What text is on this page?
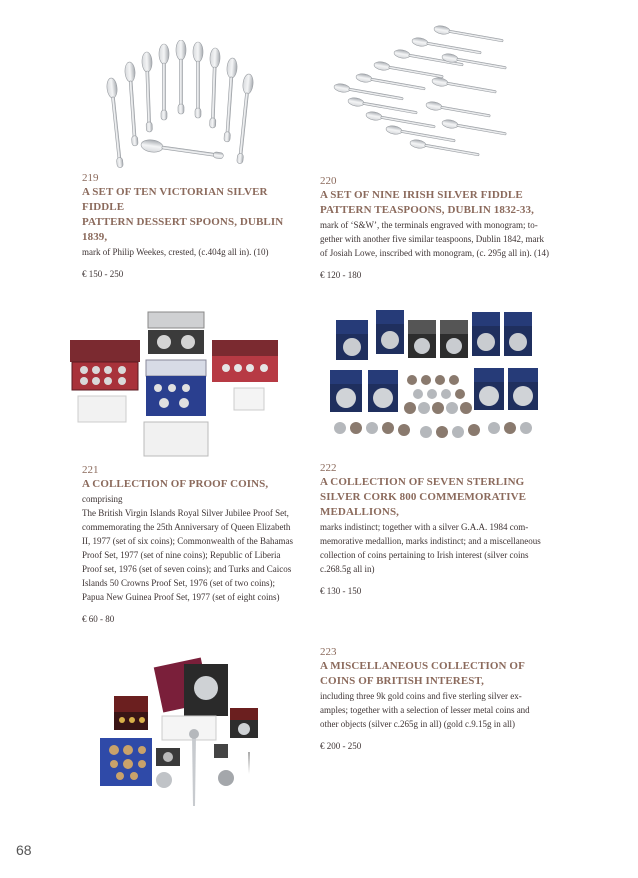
219
A SET OF TEN VICTORIAN SILVER FIDDLE
PATTERN DESSERT SPOONS, DUBLIN
1839,
mark of Philip Weekes, crested, (c.404g all in). (10)
€ 150 - 250
220
A SET OF NINE IRISH SILVER FIDDLE
PATTERN TEASPOONS, DUBLIN 1832-33,
mark of ‘S&W’, the terminals engraved with monogram; to-
gether with another five similar teaspoons, Dublin 1842, mark
of Josiah Lowe, inscribed with monogram, (c. 295g all in). (14)
€ 120 - 180
221
A COLLECTION OF PROOF COINS,
comprising
The British Virgin Islands Royal Silver Jubilee Proof Set,
commemorating the 25th Anniversary of Queen Elizabeth
II, 1977 (set of six coins); Commonwealth of the Bahamas
Proof Set, 1977 (set of nine coins); Republic of Liberia
Proof set, 1976 (set of seven coins); and Turks and Caicos
Islands 50 Crowns Proof Set, 1976 (set of two coins);
Papua New Guinea Proof Set, 1977 (set of eight coins)
€ 60 - 80
222
A COLLECTION OF SEVEN STERLING
SILVER CORK 800 COMMEMORATIVE
MEDALLIONS,
marks indistinct; together with a silver G.A.A. 1984 com-
memorative medallion, marks indistinct; and a miscellaneous
collection of coins pertaining to Irish interest (silver coins
c.268.5g all in)
€ 130 - 150
223
A MISCELLANEOUS COLLECTION OF
COINS OF BRITISH INTEREST,
including three 9k gold coins and five sterling silver ex-
amples; together with a selection of lesser metal coins and
other objects (silver c.265g in all) (gold c.9.15g in all)
€ 200 - 250
68
